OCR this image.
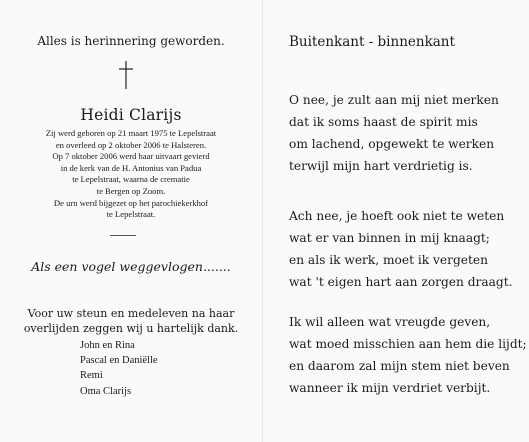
Alles is herinnering geworden.
Heidi Clarijs
Zij werd geboren op 21 maart 1975 te Lepelstraat
en overleed op 2 oktober 2006 te Halsteren.
Op 7 oktober 2006 werd haar uitvaart gevierd
in de kerk van de H. Antonius van Padua
te Lepelstraat, waarna de crematie
te Bergen op Zoom.
De urn werd bijgezet op het parochiekerkhof
te Lepelstraat.
Als een vogel weggevlogen.......
Voor uw steun en medeleven na haar
overlijden zeggen wij u hartelijk dank.
John en Rina
Pascal en Daniëlle
Remi
Oma Clarijs
Buitenkant - binnenkant
O nee, je zult aan mij niet merken
dat ik soms haast de spirit mis
om lachend, opgewekt te werken
terwijl mijn hart verdrietig is.
Ach nee, je hoeft ook niet te weten
wat er van binnen in mij knaagt;
en als ik werk, moet ik vergeten
wat 't eigen hart aan zorgen draagt.
Ik wil alleen wat vreugde geven,
wat moed misschien aan hem die lijdt;
en daarom zal mijn stem niet beven
wanneer ik mijn verdriet verbijt.
